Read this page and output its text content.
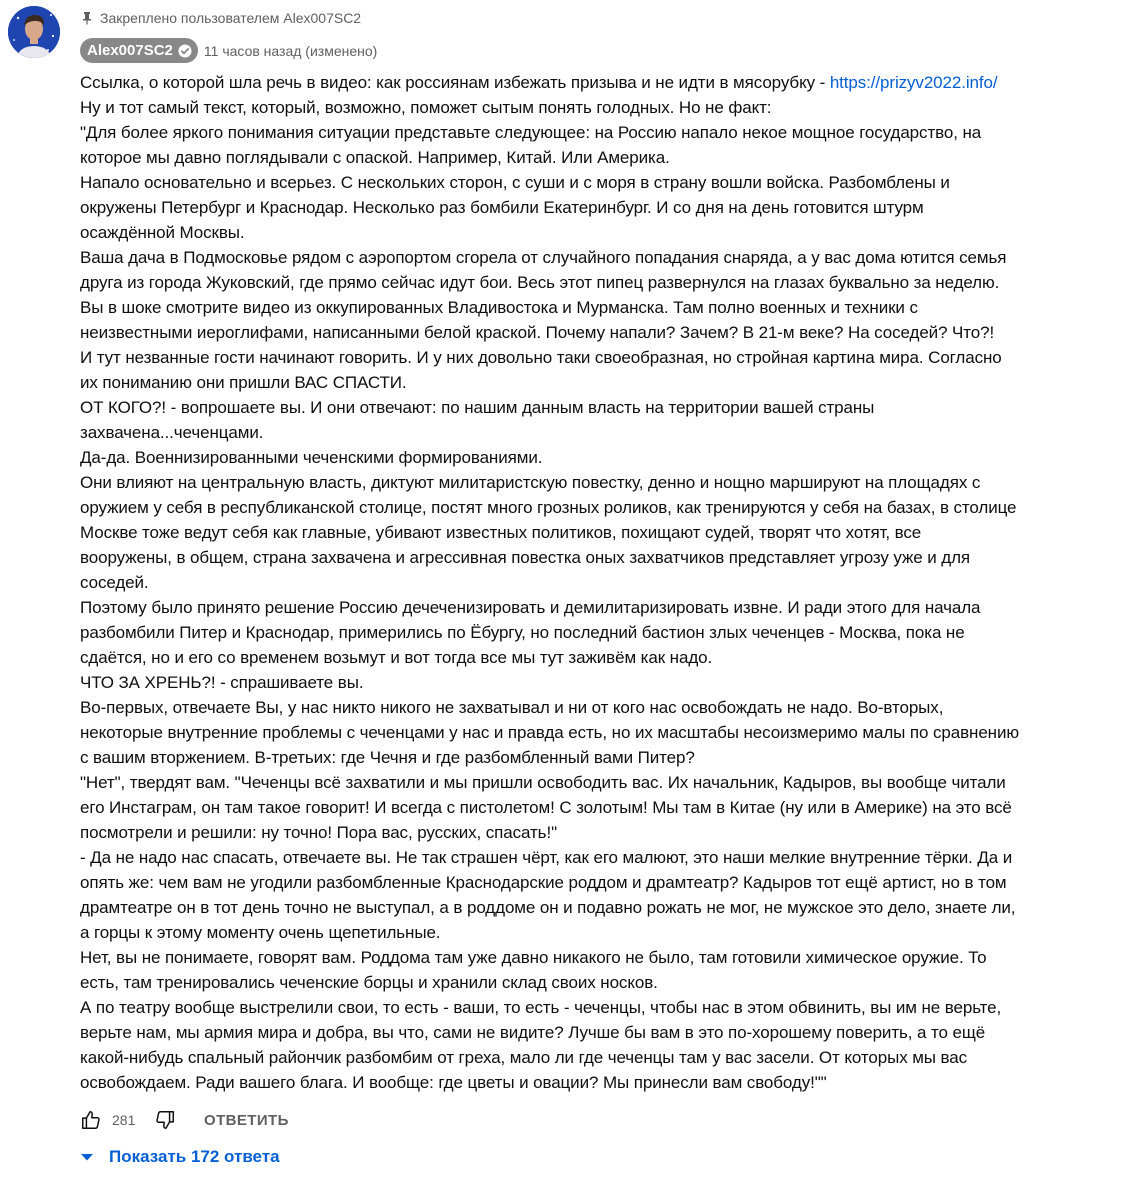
Закреплено пользователем Alex007SC2
Alex007SC2 11 часов назад (изменено)
Ссылка, о которой шла речь в видео: как россиянам избежать призыва и не идти в мясорубку - https://prizyv2022.info/
Ну и тот самый текст, который, возможно, поможет сытым понять голодных. Но не факт:
"Для более яркого понимания ситуации представьте следующее: на Россию напало некое мощное государство, на
которое мы давно поглядывали с опаской. Например, Китай. Или Америка.
Напало основательно и всерьез. С нескольких сторон, с суши и с моря в страну вошли войска. Разбомблены и
окружены Петербург и Краснодар. Несколько раз бомбили Екатеринбург. И со дня на день готовится штурм
осаждённой Москвы.
Ваша дача в Подмосковье рядом с аэропортом сгорела от случайного попадания снаряда, а у вас дома ютится семья
друга из города Жуковский, где прямо сейчас идут бои. Весь этот пипец развернулся на глазах буквально за неделю.
Вы в шоке смотрите видео из оккупированных Владивостока и Мурманска. Там полно военных и техники с
неизвестными иероглифами, написанными белой краской. Почему напали? Зачем? В 21-м веке? На соседей? Что?!
И тут незванные гости начинают говорить. И у них довольно таки своеобразная, но стройная картина мира. Согласно
их пониманию они пришли ВАС СПАСТИ.
ОТ КОГО?! - вопрошаете вы. И они отвечают: по нашим данным власть на территории вашей страны
захвачена...чеченцами.
Да-да. Военнизированными чеченскими формированиями.
Они влияют на центральную власть, диктуют милитаристскую повестку, денно и нощно маршируют на площадях с
оружием у себя в республиканской столице, постят много грозных роликов, как тренируются у себя на базах, в столице
Москве тоже ведут себя как главные, убивают известных политиков, похищают судей, творят что хотят, все
вооружены, в общем, страна захвачена и агрессивная повестка оных захватчиков представляет угрозу уже и для
соседей.
Поэтому было принято решение Россию дечеченизировать и демилитаризировать извне. И ради этого для начала
разбомбили Питер и Краснодар, примерились по Ёбургу, но последний бастион злых чеченцев - Москва, пока не
сдаётся, но и его со временем возьмут и вот тогда все мы тут заживём как надо.
ЧТО ЗА ХРЕНЬ?! - спрашиваете вы.
Во-первых, отвечаете Вы, у нас никто никого не захватывал и ни от кого нас освобождать не надо. Во-вторых,
некоторые внутренние проблемы с чеченцами у нас и правда есть, но их масштабы несоизмеримо малы по сравнению
с вашим вторжением. В-третьих: где Чечня и где разбомбленный вами Питер?
"Нет", твердят вам. "Чеченцы всё захватили и мы пришли освободить вас. Их начальник, Кадыров, вы вообще читали
его Инстаграм, он там такое говорит! И всегда с пистолетом! С золотым! Мы там в Китае (ну или в Америке) на это всё
посмотрели и решили: ну точно! Пора вас, русских, спасать!"
- Да не надо нас спасать, отвечаете вы. Не так страшен чёрт, как его малюют, это наши мелкие внутренние тёрки. Да и
опять же: чем вам не угодили разбомбленные Краснодарские роддом и драмтеатр? Кадыров тот ещё артист, но в том
драмтеатре он в тот день точно не выступал, а в роддоме он и подавно рожать не мог, не мужское это дело, знаете ли,
а горцы к этому моменту очень щепетильные.
Нет, вы не понимаете, говорят вам. Роддома там уже давно никакого не было, там готовили химическое оружие. То
есть, там тренировались чеченские борцы и хранили склад своих носков.
А по театру вообще выстрелили свои, то есть - ваши, то есть - чеченцы, чтобы нас в этом обвинить, вы им не верьте,
верьте нам, мы армия мира и добра, вы что, сами не видите? Лучше бы вам в это по-хорошему поверить, а то ещё
какой-нибудь спальный райончик разбомбим от греха, мало ли где чеченцы там у вас засели. От которых мы вас
освобождаем. Ради вашего блага. И вообще: где цветы и овации? Мы принесли вам свободу!""
281	ОТВЕТИТЬ
Показать 172 ответа
